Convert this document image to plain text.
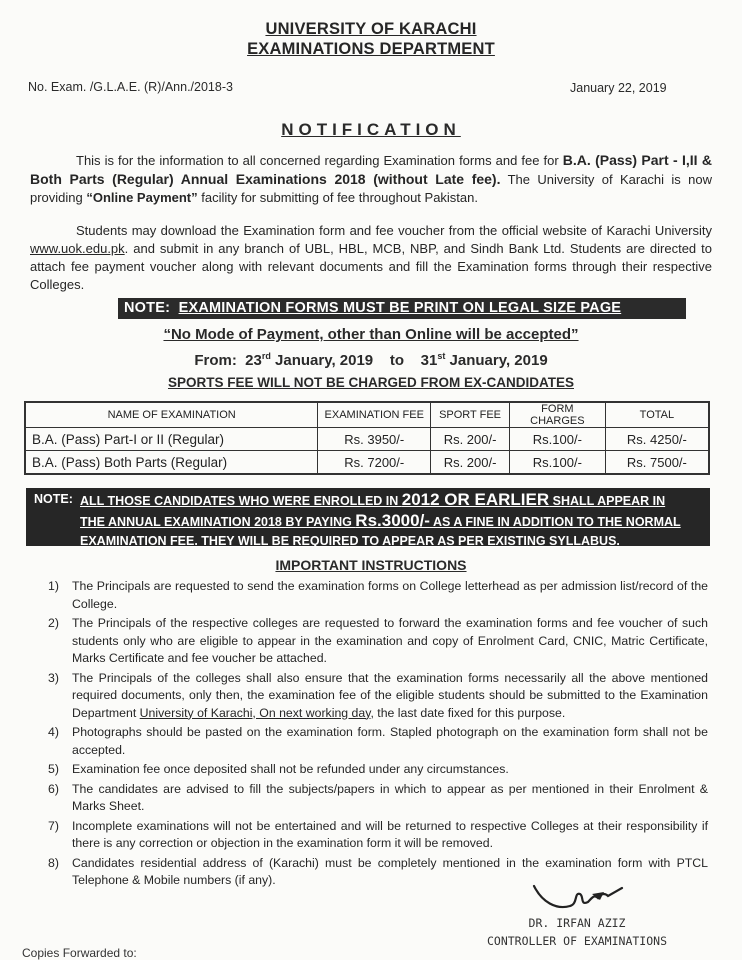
UNIVERSITY OF KARACHI
EXAMINATIONS DEPARTMENT
No. Exam. /G.L.A.E. (R)/Ann./2018-3	January 22, 2019
NOTIFICATION
This is for the information to all concerned regarding Examination forms and fee for B.A. (Pass) Part - I,II & Both Parts (Regular) Annual Examinations 2018 (without Late fee). The University of Karachi is now providing “Online Payment” facility for submitting of fee throughout Pakistan.
Students may download the Examination form and fee voucher from the official website of Karachi University www.uok.edu.pk. and submit in any branch of UBL, HBL, MCB, NBP, and Sindh Bank Ltd. Students are directed to attach fee payment voucher along with relevant documents and fill the Examination forms through their respective Colleges.
NOTE: EXAMINATION FORMS MUST BE PRINT ON LEGAL SIZE PAGE
“No Mode of Payment, other than Online will be accepted”
From: 23rd January, 2019 to 31st January, 2019
SPORTS FEE WILL NOT BE CHARGED FROM EX-CANDIDATES
NAME OF EXAMINATION	EXAMINATION FEE	SPORT FEE	FORM CHARGES	TOTAL
B.A. (Pass) Part-I or II (Regular)	Rs. 3950/-	Rs. 200/-	Rs.100/-	Rs. 4250/-
B.A. (Pass) Both Parts (Regular)	Rs. 7200/-	Rs. 200/-	Rs.100/-	Rs. 7500/-
NOTE: ALL THOSE CANDIDATES WHO WERE ENROLLED IN 2012 OR EARLIER SHALL APPEAR IN
THE ANNUAL EXAMINATION 2018 BY PAYING Rs.3000/- AS A FINE IN ADDITION TO THE NORMAL
EXAMINATION FEE. THEY WILL BE REQUIRED TO APPEAR AS PER EXISTING SYLLABUS.
IMPORTANT INSTRUCTIONS
1) The Principals are requested to send the examination forms on College letterhead as per admission list/record of the College.
2) The Principals of the respective colleges are requested to forward the examination forms and fee voucher of such students only who are eligible to appear in the examination and copy of Enrolment Card, CNIC, Matric Certificate, Marks Certificate and fee voucher be attached.
3) The Principals of the colleges shall also ensure that the examination forms necessarily all the above mentioned required documents, only then, the examination fee of the eligible students should be submitted to the Examination Department University of Karachi, On next working day, the last date fixed for this purpose.
4) Photographs should be pasted on the examination form. Stapled photograph on the examination form shall not be accepted.
5) Examination fee once deposited shall not be refunded under any circumstances.
6) The candidates are advised to fill the subjects/papers in which to appear as per mentioned in their Enrolment & Marks Sheet.
7) Incomplete examinations will not be entertained and will be returned to respective Colleges at their responsibility if there is any correction or objection in the examination form it will be removed.
8) Candidates residential address of (Karachi) must be completely mentioned in the examination form with PTCL Telephone & Mobile numbers (if any).
DR. IRFAN AZIZ
CONTROLLER OF EXAMINATIONS
Copies Forwarded to:
